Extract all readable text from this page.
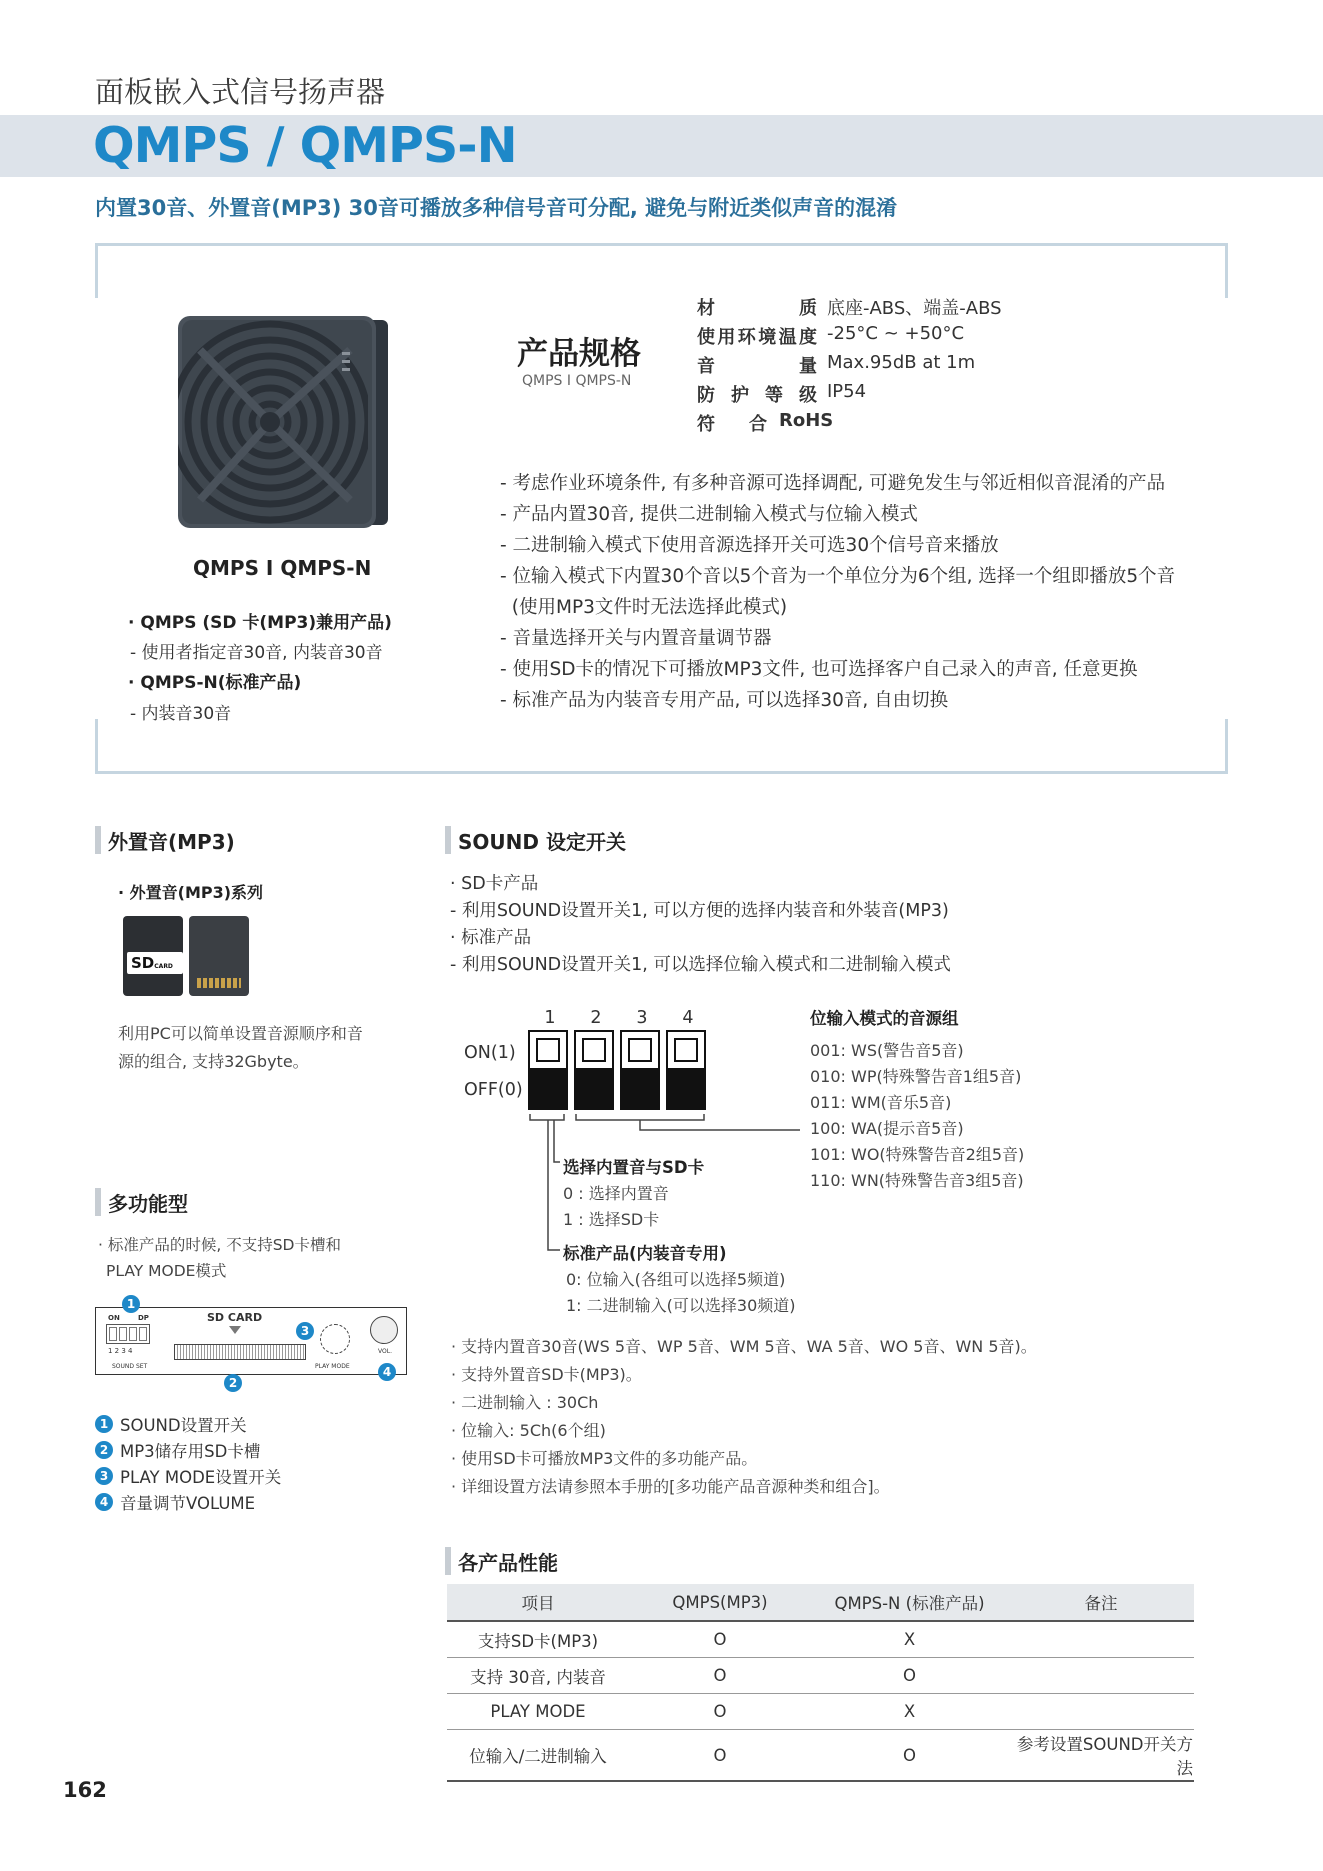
面板嵌入式信号扬声器
QMPS / QMPS-N
内置30音、外置音(MP3) 30音可播放多种信号音可分配, 避免与附近类似声音的混淆
QMPS I QMPS-N
· QMPS (SD 卡(MP3)兼用产品)
- 使用者指定音30音, 内装音30音
· QMPS-N(标准产品)
- 内装音30音
产品规格
QMPS I QMPS-N
材质 底座-ABS、端盖-ABS
使用环境温度 -25°C ~ +50°C
音量 Max.95dB at 1m
防护等级 IP54
符合 RoHS
- 考虑作业环境条件, 有多种音源可选择调配, 可避免发生与邻近相似音混淆的产品
- 产品内置30音, 提供二进制输入模式与位输入模式
- 二进制输入模式下使用音源选择开关可选30个信号音来播放
- 位输入模式下内置30个音以5个音为一个单位分为6个组, 选择一个组即播放5个音
(使用MP3文件时无法选择此模式)
- 音量选择开关与内置音量调节器
- 使用SD卡的情况下可播放MP3文件, 也可选择客户自己录入的声音, 任意更换
- 标准产品为内装音专用产品, 可以选择30音, 自由切换
外置音(MP3)
· 外置音(MP3)系列
SDCARD
利用PC可以简单设置音源顺序和音
源的组合, 支持32Gbyte。
多功能型
· 标准产品的时候, 不支持SD卡槽和
PLAY MODE模式
ON	DP
1 2 3 4
SOUND SET
SD CARD
PLAY MODE
VOL.
1
2
3
4
1 SOUND设置开关
2 MP3储存用SD卡槽
3 PLAY MODE设置开关
4 音量调节VOLUME
SOUND 设定开关
· SD卡产品
- 利用SOUND设置开关1, 可以方便的选择内装音和外装音(MP3)
· 标准产品
- 利用SOUND设置开关1, 可以选择位输入模式和二进制输入模式
1 2 3 4
ON(1)
OFF(0)
位输入模式的音源组
001: WS(警告音5音)
010: WP(特殊警告音1组5音)
011: WM(音乐5音)
100: WA(提示音5音)
101: WO(特殊警告音2组5音)
110: WN(特殊警告音3组5音)
选择内置音与SD卡
0 : 选择内置音
1 : 选择SD卡
标准产品(内装音专用)
0: 位输入(各组可以选择5频道)
1: 二进制输入(可以选择30频道)
· 支持内置音30音(WS 5音、WP 5音、WM 5音、WA 5音、WO 5音、WN 5音)。
· 支持外置音SD卡(MP3)。
· 二进制输入 : 30Ch
· 位输入: 5Ch(6个组)
· 使用SD卡可播放MP3文件的多功能产品。
· 详细设置方法请参照本手册的[多功能产品音源种类和组合]。
各产品性能
项目	QMPS(MP3)	QMPS-N (标准产品)	备注
支持SD卡(MP3)	O	X	
支持 30音, 内装音	O	O	
PLAY MODE	O	X	
位输入/二进制输入	O	O	参考设置SOUND开关方法
162
